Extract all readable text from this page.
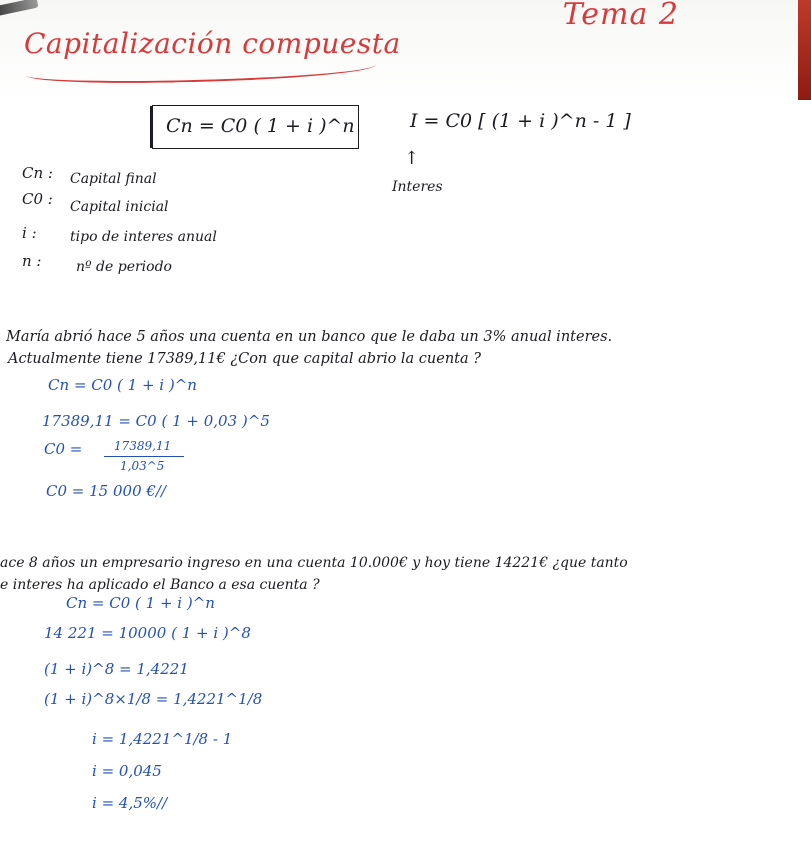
Tema 2
Capitalización compuesta
Cn = C0 ( 1 + i )^n	I = C0 [ (1 + i )^n - 1 ]
↑
Interes
Cn : Capital final
C0 : Capital inicial
i : tipo de interes anual
n : nº de periodo
María abrió hace 5 años una cuenta en un banco que le daba un 3% anual interes.
Actualmente tiene 17389,11€ ¿Con que capital abrio la cuenta ?
Cn = C0 ( 1 + i )^n
17389,11 = C0 ( 1 + 0,03 )^5
C0 =	17389,11
1,03^5
C0 = 15 000 €//
ace 8 años un empresario ingreso en una cuenta 10.000€ y hoy tiene 14221€ ¿que tanto
e interes ha aplicado el Banco a esa cuenta ?
Cn = C0 ( 1 + i )^n
14 221 = 10000 ( 1 + i )^8
(1 + i)^8 = 1,4221
(1 + i)^8×1/8 = 1,4221^1/8
i = 1,4221^1/8 - 1
i = 0,045
i = 4,5%//
